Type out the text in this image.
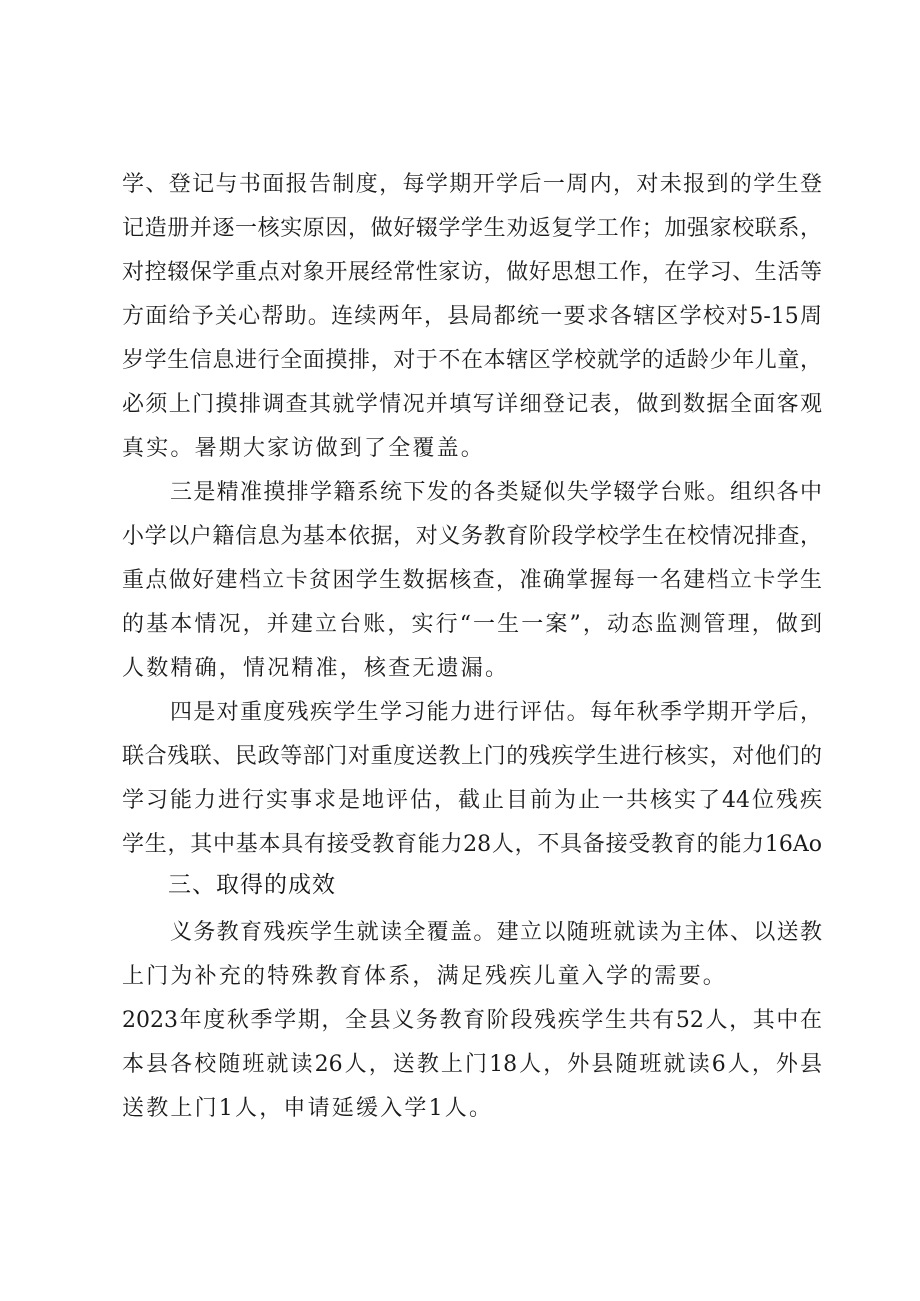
学、登记与书面报告制度，每学期开学后一周内，对未报到的学生登
记造册并逐一核实原因，做好辍学学生劝返复学工作；加强家校联系，
对控辍保学重点对象开展经常性家访，做好思想工作，在学习、生活等
方面给予关心帮助。连续两年，县局都统一要求各辖区学校对5-15周
岁学生信息进行全面摸排，对于不在本辖区学校就学的适龄少年儿童，
必须上门摸排调查其就学情况并填写详细登记表，做到数据全面客观
真实。暑期大家访做到了全覆盖。
三是精准摸排学籍系统下发的各类疑似失学辍学台账。组织各中
小学以户籍信息为基本依据，对义务教育阶段学校学生在校情况排查，
重点做好建档立卡贫困学生数据核查，准确掌握每一名建档立卡学生
的基本情况，并建立台账，实行“一生一案”，动态监测管理，做到
人数精确，情况精准，核查无遗漏。
四是对重度残疾学生学习能力进行评估。每年秋季学期开学后，
联合残联、民政等部门对重度送教上门的残疾学生进行核实，对他们的
学习能力进行实事求是地评估，截止目前为止一共核实了44位残疾
学生，其中基本具有接受教育能力28人，不具备接受教育的能力16Ao
三、取得的成效
义务教育残疾学生就读全覆盖。建立以随班就读为主体、以送教
上门为补充的特殊教育体系，满足残疾儿童入学的需要。
2023年度秋季学期，全县义务教育阶段残疾学生共有52人，其中在
本县各校随班就读26人，送教上门18人，外县随班就读6人，外县
送教上门1人，申请延缓入学1人。
